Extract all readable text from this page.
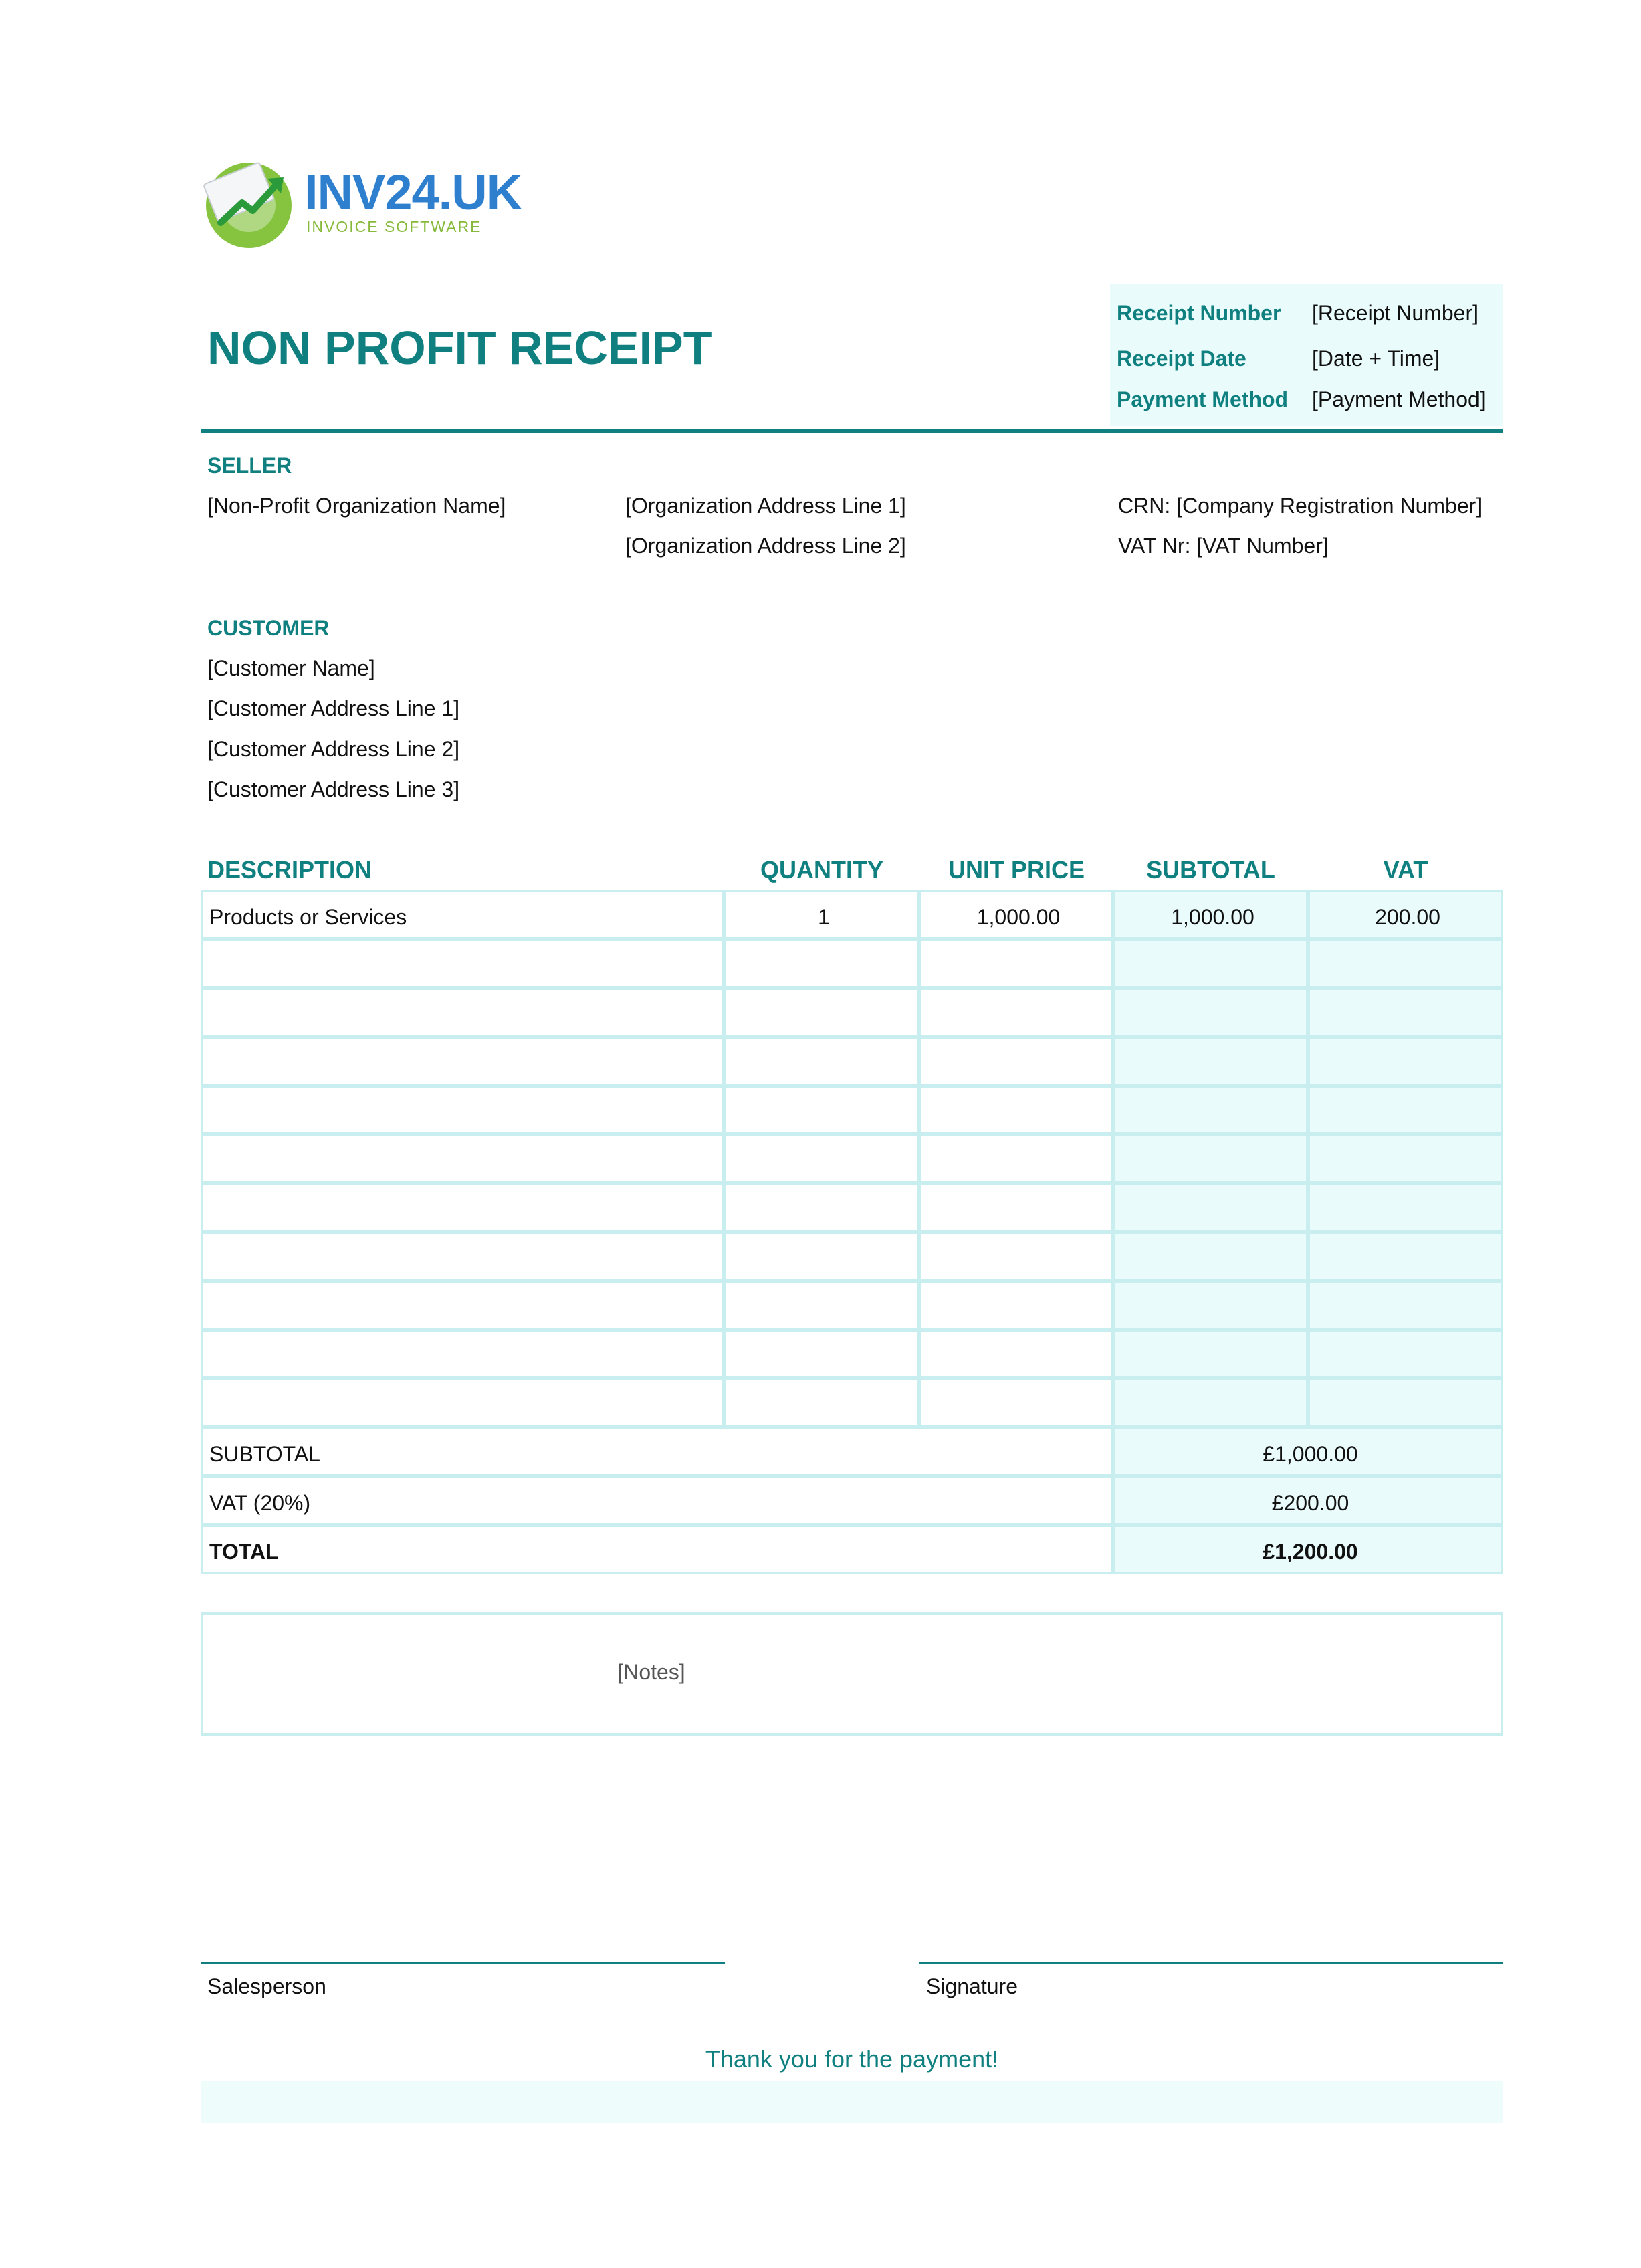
INV24.UK
INVOICE SOFTWARE
NON PROFIT RECEIPT
Receipt Number [Receipt Number]
Receipt Date	[Date + Time]
Payment Method [Payment Method]
SELLER
[Non-Profit Organization Name]	[Organization Address Line 1]
[Organization Address Line 2]
CRN: [Company Registration Number]
VAT Nr: [VAT Number]
CUSTOMER
[Customer Name]
[Customer Address Line 1]
[Customer Address Line 2]
[Customer Address Line 3]
DESCRIPTION	QUANTITY	UNIT PRICE	SUBTOTAL	VAT
Products or Services	1	1,000.00	1,000.00	200.00
SUBTOTAL	£1,000.00
VAT (20%)	£200.00
TOTAL	£1,200.00
[Notes]
Salesperson	Signature
Thank you for the payment!
